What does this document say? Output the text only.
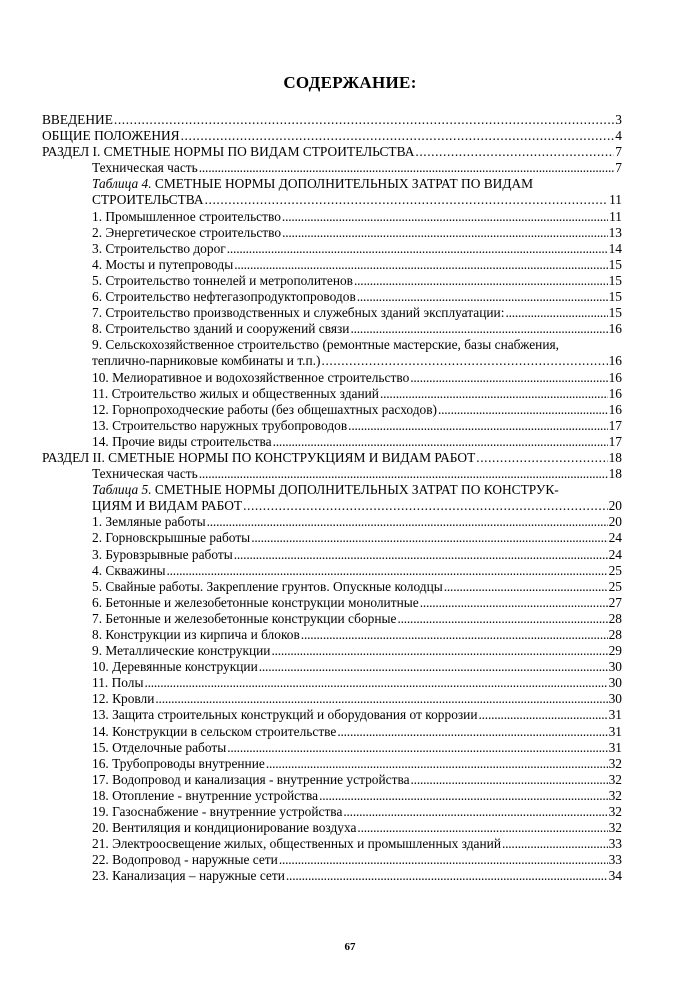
СОДЕРЖАНИЕ:
ВВЕДЕНИЕ .....	3
ОБЩИЕ ПОЛОЖЕНИЯ .....	4
РАЗДЕЛ I. СМЕТНЫЕ НОРМЫ ПО ВИДАМ СТРОИТЕЛЬСТВА .....	7
Техническая часть .....	7
Таблица 4. СМЕТНЫЕ НОРМЫ ДОПОЛНИТЕЛЬНЫХ ЗАТРАТ ПО ВИДАМ
СТРОИТЕЛЬСТВА .....	11
1. Промышленное строительство .....	11
2. Энергетическое строительство .....	13
3. Строительство дорог .....	14
4. Мосты и путепроводы .....	15
5. Строительство тоннелей и метрополитенов .....	15
6. Строительство нефтегазопродуктопроводов .....	15
7. Строительство производственных и служебных зданий эксплуатации: .....	15
8. Строительство зданий и сооружений связи .....	16
9. Сельскохозяйственное строительство (ремонтные мастерские, базы снабжения,
теплично-парниковые комбинаты и т.п.) .....	16
10. Мелиоративное и водохозяйственное строительство .....	16
11. Строительство жилых и общественных зданий .....	16
12. Горнопроходческие работы (без общешахтных расходов) .....	16
13. Строительство наружных трубопроводов .....	17
14. Прочие виды строительства .....	17
РАЗДЕЛ II. СМЕТНЫЕ НОРМЫ ПО КОНСТРУКЦИЯМ И ВИДАМ РАБОТ .....	18
Техническая часть .....	18
Таблица 5. СМЕТНЫЕ НОРМЫ ДОПОЛНИТЕЛЬНЫХ ЗАТРАТ ПО КОНСТРУК-
ЦИЯМ И ВИДАМ РАБОТ .....	20
1. Земляные работы .....	20
2. Горновскрышные работы .....	24
3. Буровзрывные работы .....	24
4. Скважины .....	25
5. Свайные работы. Закрепление грунтов. Опускные колодцы .....	25
6. Бетонные и железобетонные конструкции монолитные .....	27
7. Бетонные и железобетонные конструкции сборные .....	28
8. Конструкции из кирпича и блоков .....	28
9. Металлические конструкции .....	29
10. Деревянные конструкции .....	30
11. Полы .....	30
12. Кровли .....	30
13. Защита строительных конструкций и оборудования от коррозии .....	31
14. Конструкции в сельском строительстве .....	31
15. Отделочные работы .....	31
16. Трубопроводы внутренние .....	32
17. Водопровод и канализация - внутренние устройства .....	32
18. Отопление - внутренние устройства .....	32
19. Газоснабжение - внутренние устройства .....	32
20. Вентиляция и кондиционирование воздуха .....	32
21. Электроосвещение жилых, общественных и промышленных зданий .....	33
22. Водопровод - наружные сети .....	33
23. Канализация – наружные сети .....	34
67
